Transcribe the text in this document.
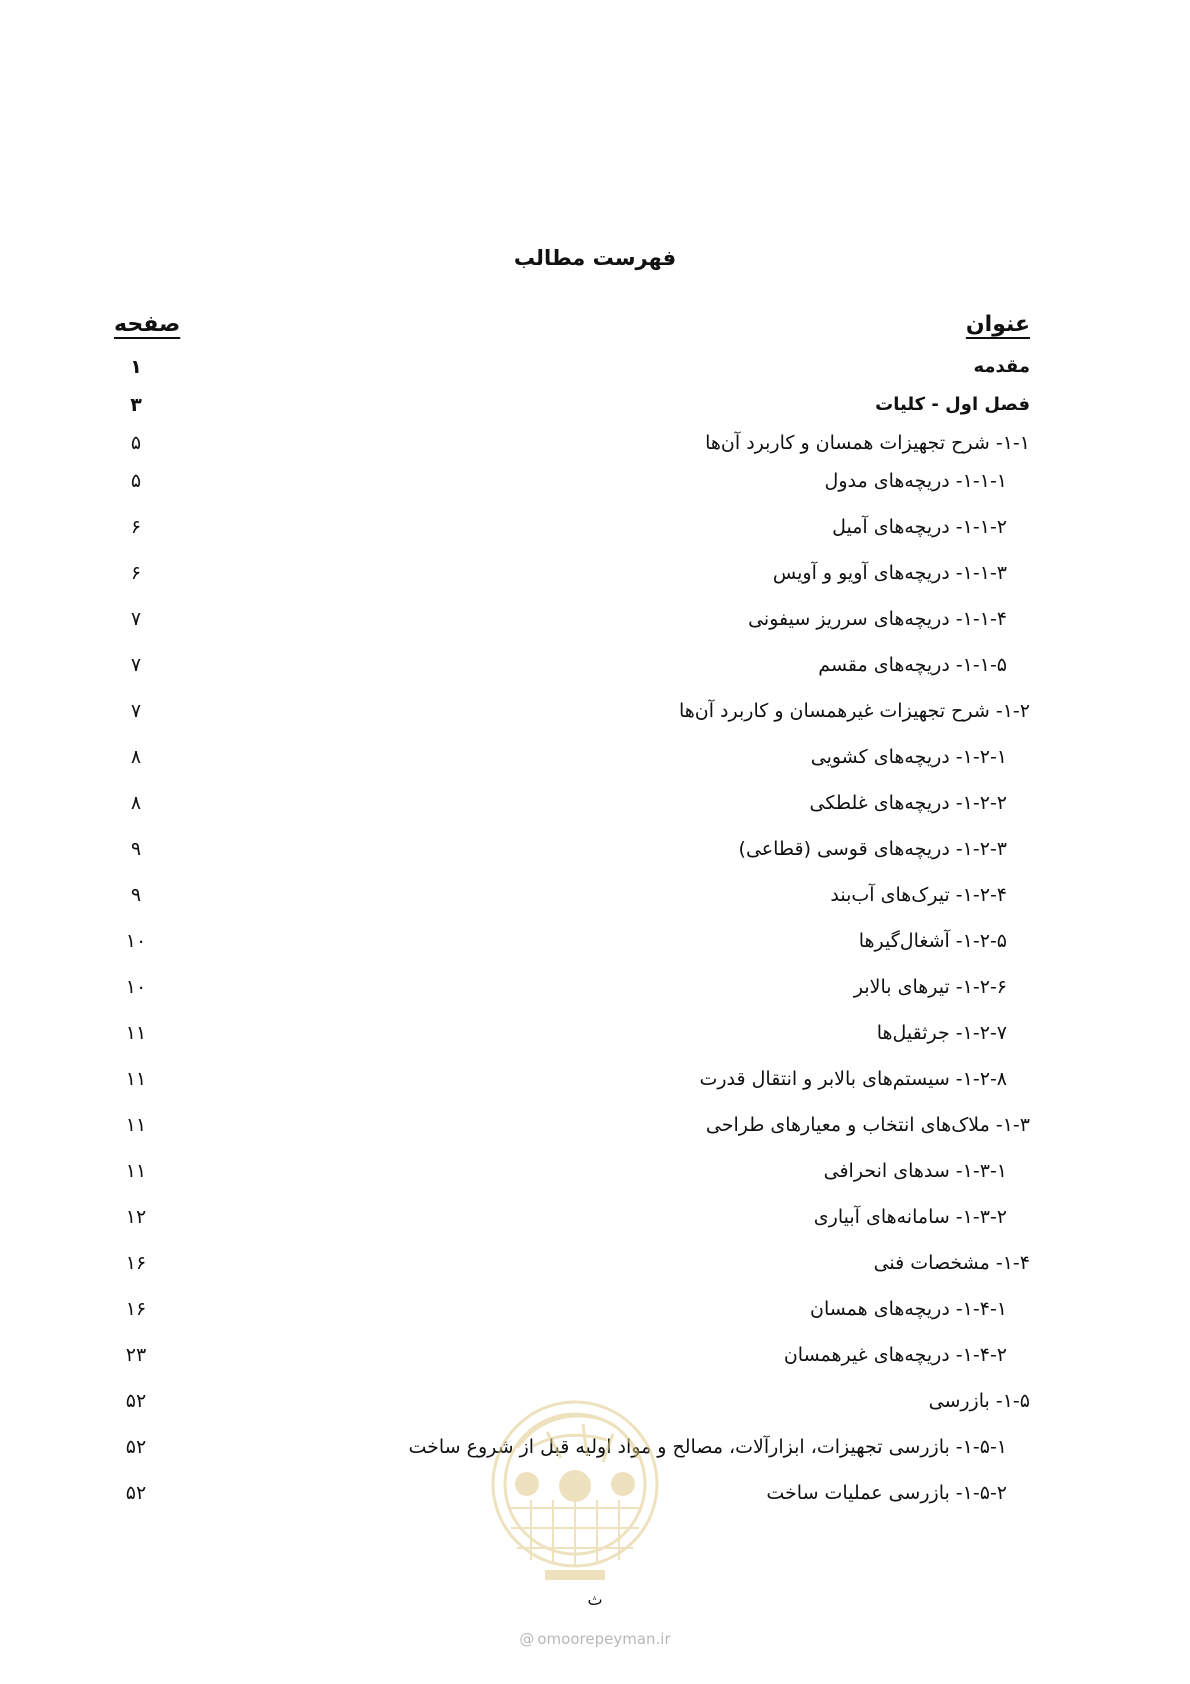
فهرست مطالب
عنوان
صفحه
مقدمه
۱
فصل اول - کلیات
۳
۱-۱- شرح تجهیزات همسان و کاربرد آن‌ها
۵
۱-۱-۱- دریچه‌های مدول
۵
۱-۱-۲- دریچه‌های آمیل
۶
۱-۱-۳- دریچه‌های آویو و آویس
۶
۱-۱-۴- دریچه‌های سرریز سیفونی
۷
۱-۱-۵- دریچه‌های مقسم
۷
۱-۲- شرح تجهیزات غیرهمسان و کاربرد آن‌ها
۷
۱-۲-۱- دریچه‌های کشویی
۸
۱-۲-۲- دریچه‌های غلطکی
۸
۱-۲-۳- دریچه‌های قوسی (قطاعی)
۹
۱-۲-۴- تیرک‌های آب‌بند
۹
۱-۲-۵- آشغال‌گیرها
۱۰
۱-۲-۶- تیرهای بالابر
۱۰
۱-۲-۷- جرثقیل‌ها
۱۱
۱-۲-۸- سیستم‌های بالابر و انتقال قدرت
۱۱
۱-۳- ملاک‌های انتخاب و معیارهای طراحی
۱۱
۱-۳-۱- سدهای انحرافی
۱۱
۱-۳-۲- سامانه‌های آبیاری
۱۲
۱-۴- مشخصات فنی
۱۶
۱-۴-۱- دریچه‌های همسان
۱۶
۱-۴-۲- دریچه‌های غیرهمسان
۲۳
۱-۵- بازرسی
۵۲
۱-۵-۱- بازرسی تجهیزات، ابزارآلات، مصالح و مواد اولیه قبل از شروع ساخت
۵۲
۱-۵-۲- بازرسی عملیات ساخت
۵۲
ث
@ omoorepeyman.ir
